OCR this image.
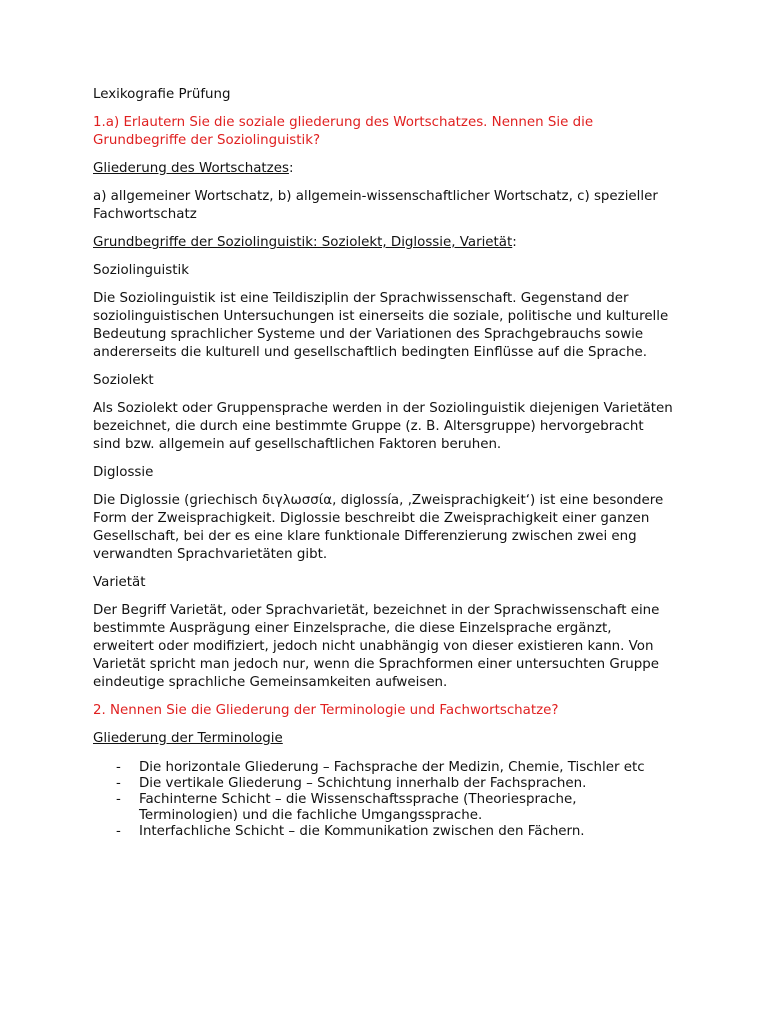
Lexikografie Prüfung

1.a) Erlautern Sie die soziale gliederung des Wortschatzes. Nennen Sie die Grundbegriffe der Soziolinguistik?

Gliederung des Wortschatzes:

a) allgemeiner Wortschatz, b) allgemein-wissenschaftlicher Wortschatz, c) spezieller Fachwortschatz

Grundbegriffe der Soziolinguistik: Soziolekt, Diglossie, Varietät:

Soziolinguistik

Die Soziolinguistik ist eine Teildisziplin der Sprachwissenschaft. Gegenstand der soziolinguistischen Untersuchungen ist einerseits die soziale, politische und kulturelle Bedeutung sprachlicher Systeme und der Variationen des Sprachgebrauchs sowie andererseits die kulturell und gesellschaftlich bedingten Einflüsse auf die Sprache.

Soziolekt

Als Soziolekt oder Gruppensprache werden in der Soziolinguistik diejenigen Varietäten bezeichnet, die durch eine bestimmte Gruppe (z. B. Altersgruppe) hervorgebracht sind bzw. allgemein auf gesellschaftlichen Faktoren beruhen.

Diglossie

Die Diglossie (griechisch διγλωσσία, diglossía, ‚Zweisprachigkeit‘) ist eine besondere Form der Zweisprachigkeit. Diglossie beschreibt die Zweisprachigkeit einer ganzen Gesellschaft, bei der es eine klare funktionale Differenzierung zwischen zwei eng verwandten Sprachvarietäten gibt.

Varietät

Der Begriff Varietät, oder Sprachvarietät, bezeichnet in der Sprachwissenschaft eine bestimmte Ausprägung einer Einzelsprache, die diese Einzelsprache ergänzt, erweitert oder modifiziert, jedoch nicht unabhängig von dieser existieren kann. Von Varietät spricht man jedoch nur, wenn die Sprachformen einer untersuchten Gruppe eindeutige sprachliche Gemeinsamkeiten aufweisen.

2. Nennen Sie die Gliederung der Terminologie und Fachwortschatze?

Gliederung der Terminologie

- Die horizontale Gliederung – Fachsprache der Medizin, Chemie, Tischler etc
- Die vertikale Gliederung – Schichtung innerhalb der Fachsprachen.
- Fachinterne Schicht – die Wissenschaftssprache (Theoriesprache, Terminologien) und die fachliche Umgangssprache.
- Interfachliche Schicht – die Kommunikation zwischen den Fächern.
